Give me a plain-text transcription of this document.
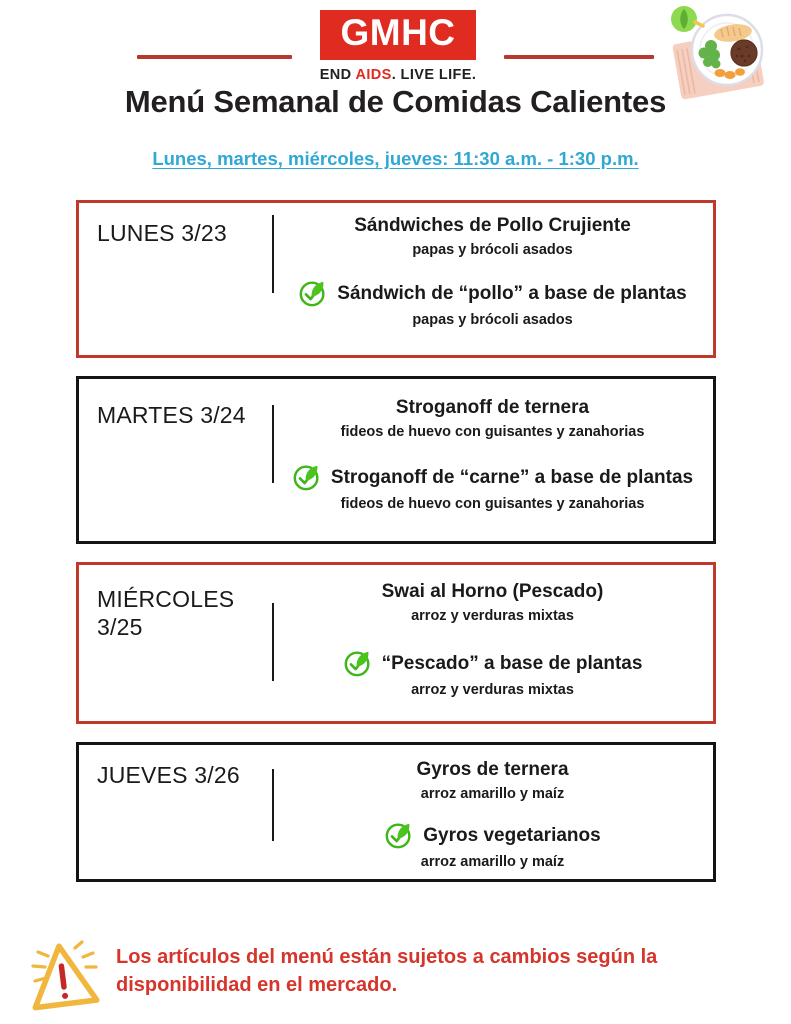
GMHC
END AIDS. LIVE LIFE.
Menú Semanal de Comidas Calientes
Lunes, martes, miércoles, jueves: 11:30 a.m. - 1:30 p.m.
LUNES 3/23	Sándwiches de Pollo Crujiente
papas y brócoli asados
Sándwich de “pollo” a base de plantas
papas y brócoli asados
MARTES 3/24	Stroganoff de ternera
fideos de huevo con guisantes y zanahorias
Stroganoff de “carne” a base de plantas
fideos de huevo con guisantes y zanahorias
MIÉRCOLES 3/25
Swai al Horno (Pescado)
arroz y verduras mixtas
“Pescado” a base de plantas
arroz y verduras mixtas
JUEVES 3/26	Gyros de ternera
arroz amarillo y maíz
Gyros vegetarianos
arroz amarillo y maíz
Los artículos del menú están sujetos a cambios según la disponibilidad en el mercado.
